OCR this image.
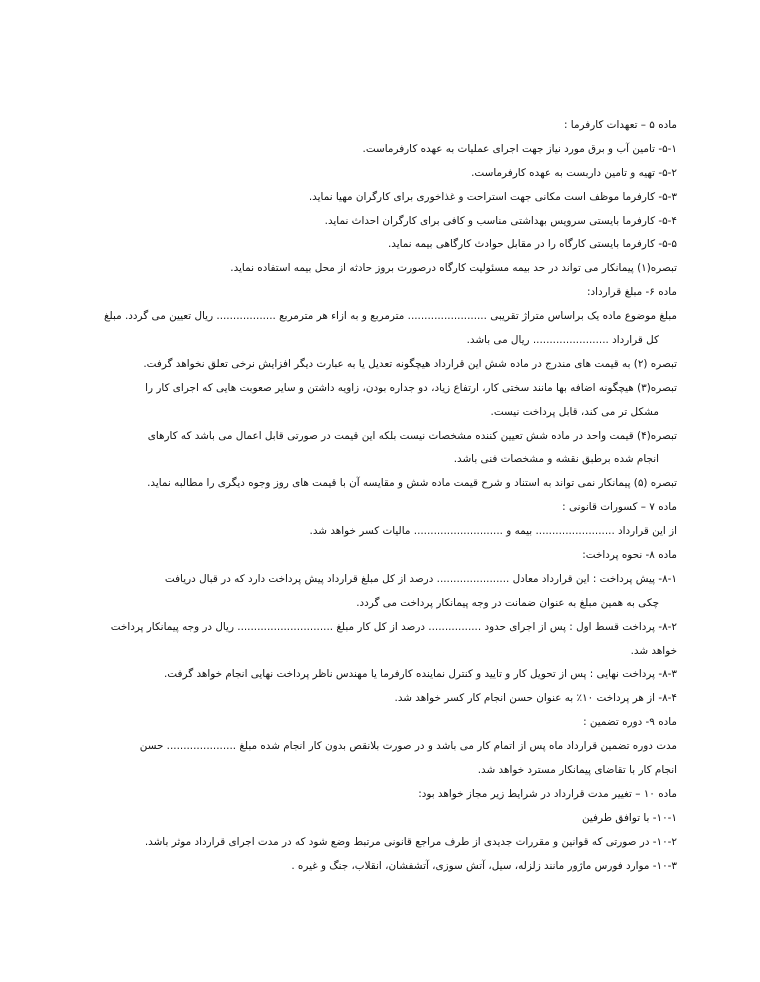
ماده ۵ – تعهدات کارفرما :
۵-۱- تامین آب و برق مورد نیاز جهت اجرای عملیات به عهده کارفرماست.
۵-۲- تهیه و تامین داربست به عهده کارفرماست.
۵-۳- کارفرما موظف است مکانی جهت استراحت و غذاخوری برای کارگران مهیا نماید.
۵-۴- کارفرما بایستی سرویس بهداشتی مناسب و کافی برای کارگران احداث نماید.
۵-۵- کارفرما بایستی کارگاه را در مقابل حوادث کارگاهی بیمه نماید.
تبصره(۱) پیمانکار می تواند در حد بیمه مسئولیت کارگاه درصورت بروز حادثه از محل بیمه استفاده نماید.
ماده ۶- مبلغ قرارداد:
مبلغ موضوع ماده یک براساس متراژ تقریبی ........................ مترمربع و به ازاء هر مترمربع .................. ریال تعیین می گردد. مبلغ
کل قرارداد ....................... ریال می باشد.
تبصره (۲) به قیمت های مندرج در ماده شش این قرارداد هیچگونه تعدیل یا به عبارت دیگر افزایش نرخی تعلق نخواهد گرفت.
تبصره(۳) هیچگونه اضافه بها مانند سختی کار، ارتفاع زیاد، دو جداره بودن، زاویه داشتن و سایر صعوبت هایی که اجرای کار را
مشکل تر می کند، قابل پرداخت نیست.
تبصره(۴) قیمت واحد در ماده شش تعیین کننده مشخصات نیست بلکه این قیمت در صورتی قابل اعمال می باشد که کارهای
انجام شده برطبق نقشه و مشخصات فنی باشد.
تبصره (۵) پیمانکار نمی تواند به استناد و شرح قیمت ماده شش و مقایسه آن با قیمت های روز وجوه دیگری را مطالبه نماید.
ماده ۷ – کسورات قانونی :
از این قرارداد ........................ بیمه و ........................... مالیات کسر خواهد شد.
ماده ۸- نحوه پرداخت:
۸-۱- پیش پرداخت : این قرارداد معادل ...................... درصد از کل مبلغ قرارداد پیش پرداخت دارد که در قبال دریافت
چکی به همین مبلغ به عنوان ضمانت در وجه پیمانکار پرداخت می گردد.
۸-۲- پرداخت قسط اول : پس از اجرای حدود ................ درصد از کل کار مبلغ ............................. ریال در وجه پیمانکار پرداخت
خواهد شد.
۸-۳- پرداخت نهایی : پس از تحویل کار و تایید و کنترل نماینده کارفرما یا مهندس ناظر پرداخت نهایی انجام خواهد گرفت.
۸-۴- از هر پرداخت ۱۰٪ به عنوان حسن انجام کار کسر خواهد شد.
ماده ۹- دوره تضمین :
مدت دوره تضمین قرارداد ماه پس از اتمام کار می باشد و در صورت بلانقص بدون کار انجام شده مبلغ ..................... حسن
انجام کار با تقاضای پیمانکار مسترد خواهد شد.
ماده ۱۰ – تغییر مدت قرارداد در شرایط زیر مجاز خواهد بود:
۱۰-۱- با توافق طرفین
۱۰-۲- در صورتی که قوانین و مقررات جدیدی از طرف مراجع قانونی مرتبط وضع شود که در مدت اجرای قرارداد موثر باشد.
۱۰-۳- موارد فورس ماژور مانند زلزله، سیل، آتش سوزی، آتشفشان، انقلاب، جنگ و غیره .
